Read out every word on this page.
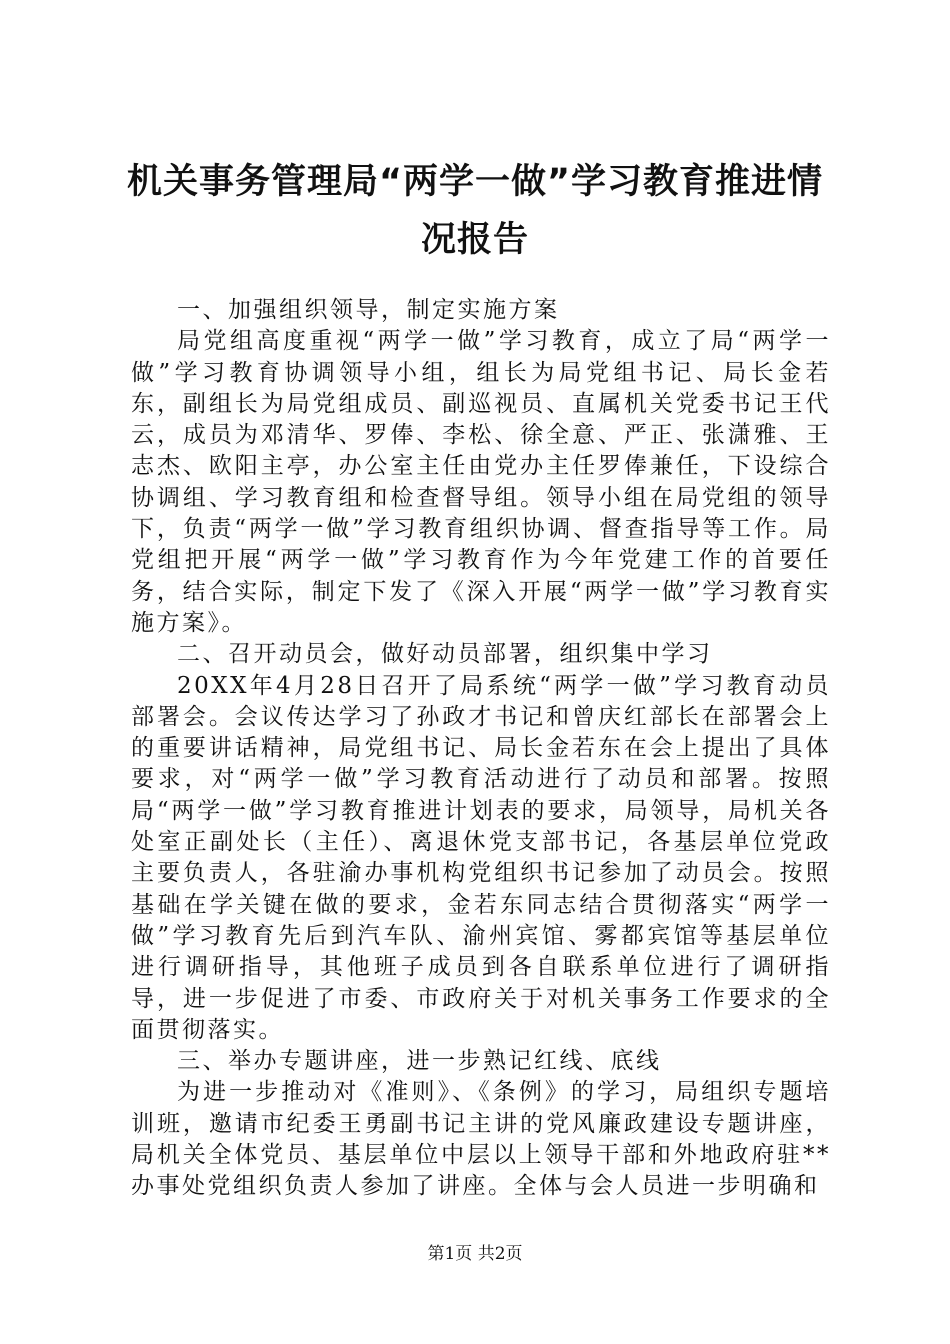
机关事务管理局“两学一做”学习教育推进情
况报告

一、加强组织领导，制定实施方案

局党组高度重视“两学一做”学习教育，成立了局“两学一做”学习教育协调领导小组，组长为局党组书记、局长金若东，副组长为局党组成员、副巡视员、直属机关党委书记王代云，成员为邓清华、罗俸、李松、徐全意、严正、张潇雅、王志杰、欧阳主亭，办公室主任由党办主任罗俸兼任，下设综合协调组、学习教育组和检查督导组。领导小组在局党组的领导下，负责“两学一做”学习教育组织协调、督查指导等工作。局党组把开展“两学一做”学习教育作为今年党建工作的首要任务，结合实际，制定下发了《深入开展“两学一做”学习教育实施方案》。

二、召开动员会，做好动员部署，组织集中学习

20XX年4月28日召开了局系统“两学一做”学习教育动员部署会。会议传达学习了孙政才书记和曾庆红部长在部署会上的重要讲话精神，局党组书记、局长金若东在会上提出了具体要求，对“两学一做”学习教育活动进行了动员和部署。按照局“两学一做”学习教育推进计划表的要求，局领导，局机关各处室正副处长（主任）、离退休党支部书记，各基层单位党政主要负责人，各驻渝办事机构党组织书记参加了动员会。按照基础在学关键在做的要求，金若东同志结合贯彻落实“两学一做”学习教育先后到汽车队、渝州宾馆、雾都宾馆等基层单位进行调研指导，其他班子成员到各自联系单位进行了调研指导，进一步促进了市委、市政府关于对机关事务工作要求的全面贯彻落实。

三、举办专题讲座，进一步熟记红线、底线

为进一步推动对《准则》、《条例》的学习，局组织专题培训班，邀请市纪委王勇副书记主讲的党风廉政建设专题讲座，局机关全体党员、基层单位中层以上领导干部和外地政府驻**办事处党组织负责人参加了讲座。全体与会人员进一步明确和

第1页 共2页
